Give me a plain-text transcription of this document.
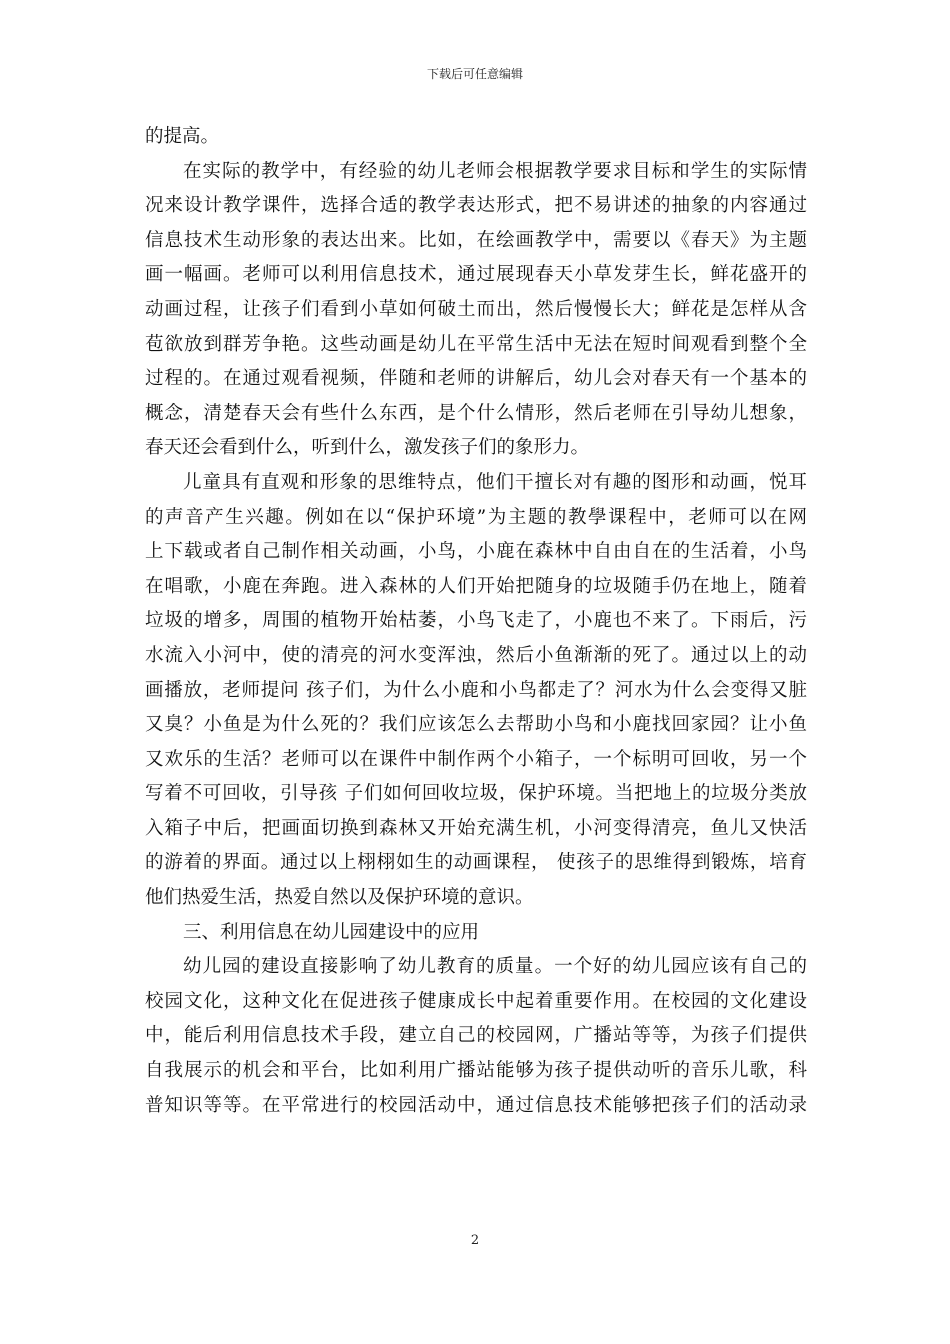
下载后可任意编辑
的提高。
在实际的教学中，有经验的幼儿老师会根据教学要求目标和学生的实际情
况来设计教学课件，选择合适的教学表达形式，把不易讲述的抽象的内容通过
信息技术生动形象的表达出来。比如，在绘画教学中，需要以《春天》为主题
画一幅画。老师可以利用信息技术，通过展现春天小草发芽生长，鲜花盛开的
动画过程，让孩子们看到小草如何破土而出，然后慢慢长大；鲜花是怎样从含
苞欲放到群芳争艳。这些动画是幼儿在平常生活中无法在短时间观看到整个全
过程的。在通过观看视频，伴随和老师的讲解后，幼儿会对春天有一个基本的
概念，清楚春天会有些什么东西，是个什么情形，然后老师在引导幼儿想象，
春天还会看到什么，听到什么，激发孩子们的象形力。
儿童具有直观和形象的思维特点，他们干擅长对有趣的图形和动画，悦耳
的声音产生兴趣。例如在以“保护环境”为主题的教學课程中，老师可以在网
上下载或者自己制作相关动画，小鸟，小鹿在森林中自由自在的生活着，小鸟
在唱歌，小鹿在奔跑。进入森林的人们开始把随身的垃圾随手仍在地上，随着
垃圾的增多，周围的植物开始枯萎，小鸟飞走了，小鹿也不来了。下雨后，污
水流入小河中，使的清亮的河水变浑浊，然后小鱼渐渐的死了。通过以上的动
画播放，老师提问 孩子们，为什么小鹿和小鸟都走了？河水为什么会变得又脏
又臭？小鱼是为什么死的？我们应该怎么去帮助小鸟和小鹿找回家园？让小鱼
又欢乐的生活？老师可以在课件中制作两个小箱子，一个标明可回收，另一个
写着不可回收，引导孩 子们如何回收垃圾，保护环境。当把地上的垃圾分类放
入箱子中后，把画面切换到森林又开始充满生机，小河变得清亮，鱼儿又快活
的游着的界面。通过以上栩栩如生的动画课程， 使孩子的思维得到锻炼，培育
他们热爱生活，热爱自然以及保护环境的意识。
三、利用信息在幼儿园建设中的应用
幼儿园的建设直接影响了幼儿教育的质量。一个好的幼儿园应该有自己的
校园文化，这种文化在促进孩子健康成长中起着重要作用。在校园的文化建设
中，能后利用信息技术手段，建立自己的校园网，广播站等等，为孩子们提供
自我展示的机会和平台，比如利用广播站能够为孩子提供动听的音乐儿歌，科
普知识等等。在平常进行的校园活动中，通过信息技术能够把孩子们的活动录
2
